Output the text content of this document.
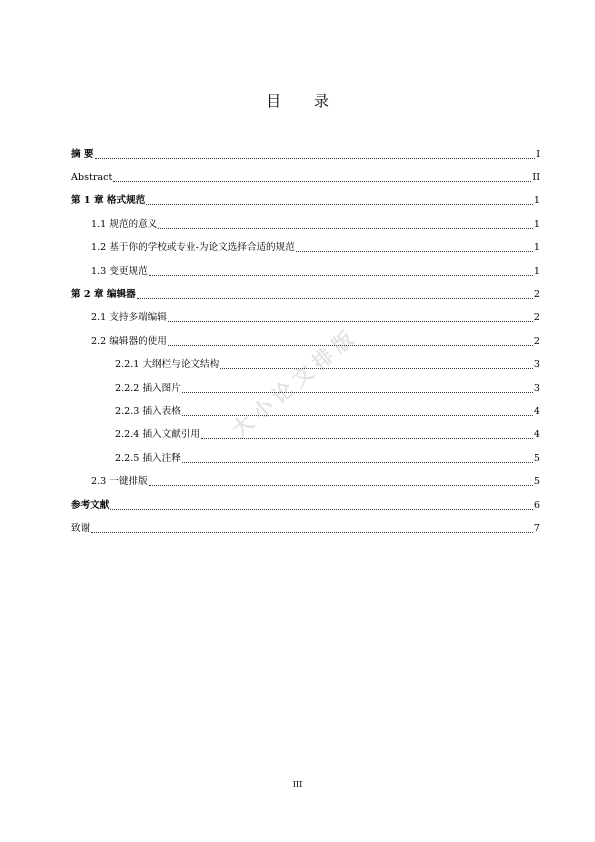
目 录
摘 要	I
Abstract	II
第 1 章 格式规范	1
1.1 规范的意义	1
1.2 基于你的学校或专业-为论文选择合适的规范	1
1.3 变更规范	1
第 2 章 编辑器	2
2.1 支持多端编辑	2
2.2 编辑器的使用	2
2.2.1 大纲栏与论文结构	3
2.2.2 插入图片	3
2.2.3 插入表格	4
2.2.4 插入文献引用	4
2.2.5 插入注释	5
2.3 一键排版	5
参考文献	6
致谢	7
大小论文排版
III
